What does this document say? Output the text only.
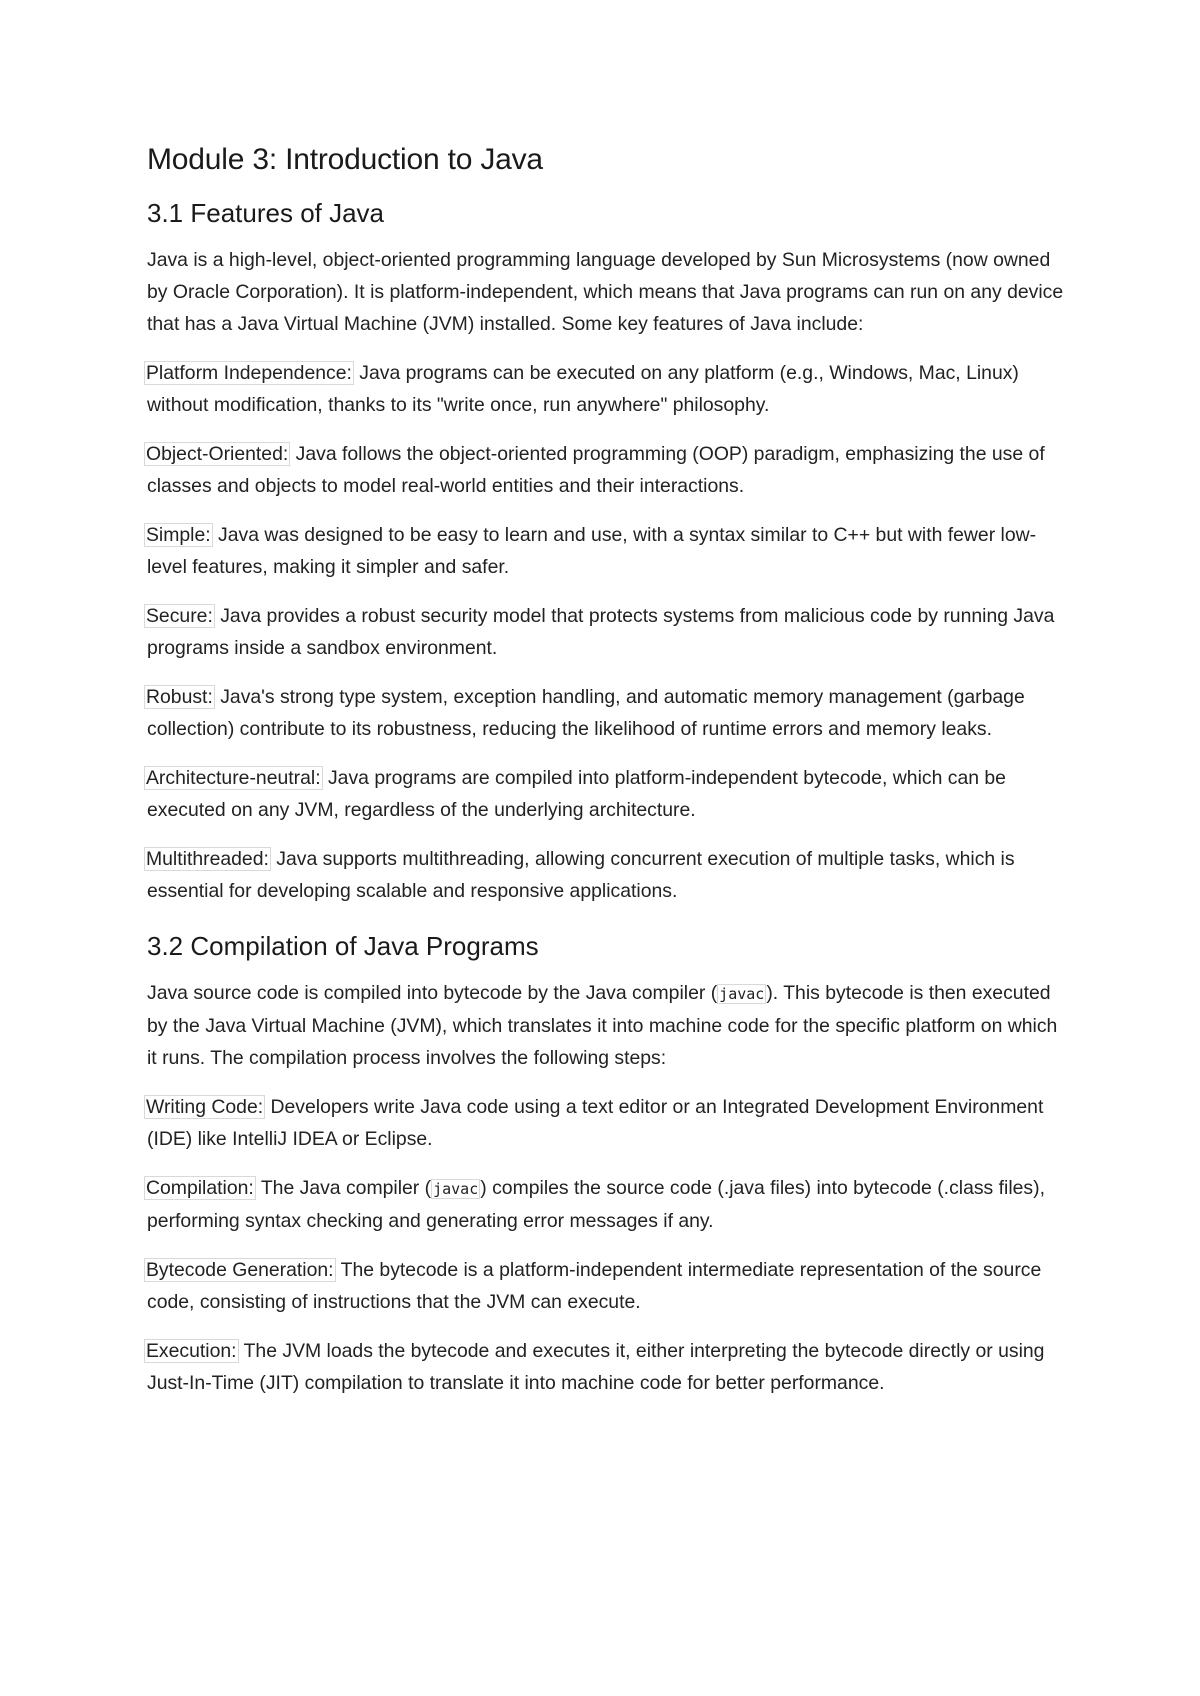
Module 3: Introduction to Java
3.1 Features of Java

Java is a high-level, object-oriented programming language developed by Sun Microsystems (now owned by Oracle Corporation). It is platform-independent, which means that Java programs can run on any device that has a Java Virtual Machine (JVM) installed. Some key features of Java include:

Platform Independence: Java programs can be executed on any platform (e.g., Windows, Mac, Linux) without modification, thanks to its "write once, run anywhere" philosophy.

Object-Oriented: Java follows the object-oriented programming (OOP) paradigm, emphasizing the use of classes and objects to model real-world entities and their interactions.

Simple: Java was designed to be easy to learn and use, with a syntax similar to C++ but with fewer low-level features, making it simpler and safer.

Secure: Java provides a robust security model that protects systems from malicious code by running Java programs inside a sandbox environment.

Robust: Java's strong type system, exception handling, and automatic memory management (garbage collection) contribute to its robustness, reducing the likelihood of runtime errors and memory leaks.

Architecture-neutral: Java programs are compiled into platform-independent bytecode, which can be executed on any JVM, regardless of the underlying architecture.

Multithreaded: Java supports multithreading, allowing concurrent execution of multiple tasks, which is essential for developing scalable and responsive applications.

3.2 Compilation of Java Programs

Java source code is compiled into bytecode by the Java compiler ( javac ). This bytecode is then executed by the Java Virtual Machine (JVM), which translates it into machine code for the specific platform on which it runs. The compilation process involves the following steps:

Writing Code: Developers write Java code using a text editor or an Integrated Development Environment (IDE) like IntelliJ IDEA or Eclipse.

Compilation: The Java compiler ( javac ) compiles the source code (.java files) into bytecode (.class files), performing syntax checking and generating error messages if any.

Bytecode Generation: The bytecode is a platform-independent intermediate representation of the source code, consisting of instructions that the JVM can execute.

Execution: The JVM loads the bytecode and executes it, either interpreting the bytecode directly or using Just-In-Time (JIT) compilation to translate it into machine code for better performance.
